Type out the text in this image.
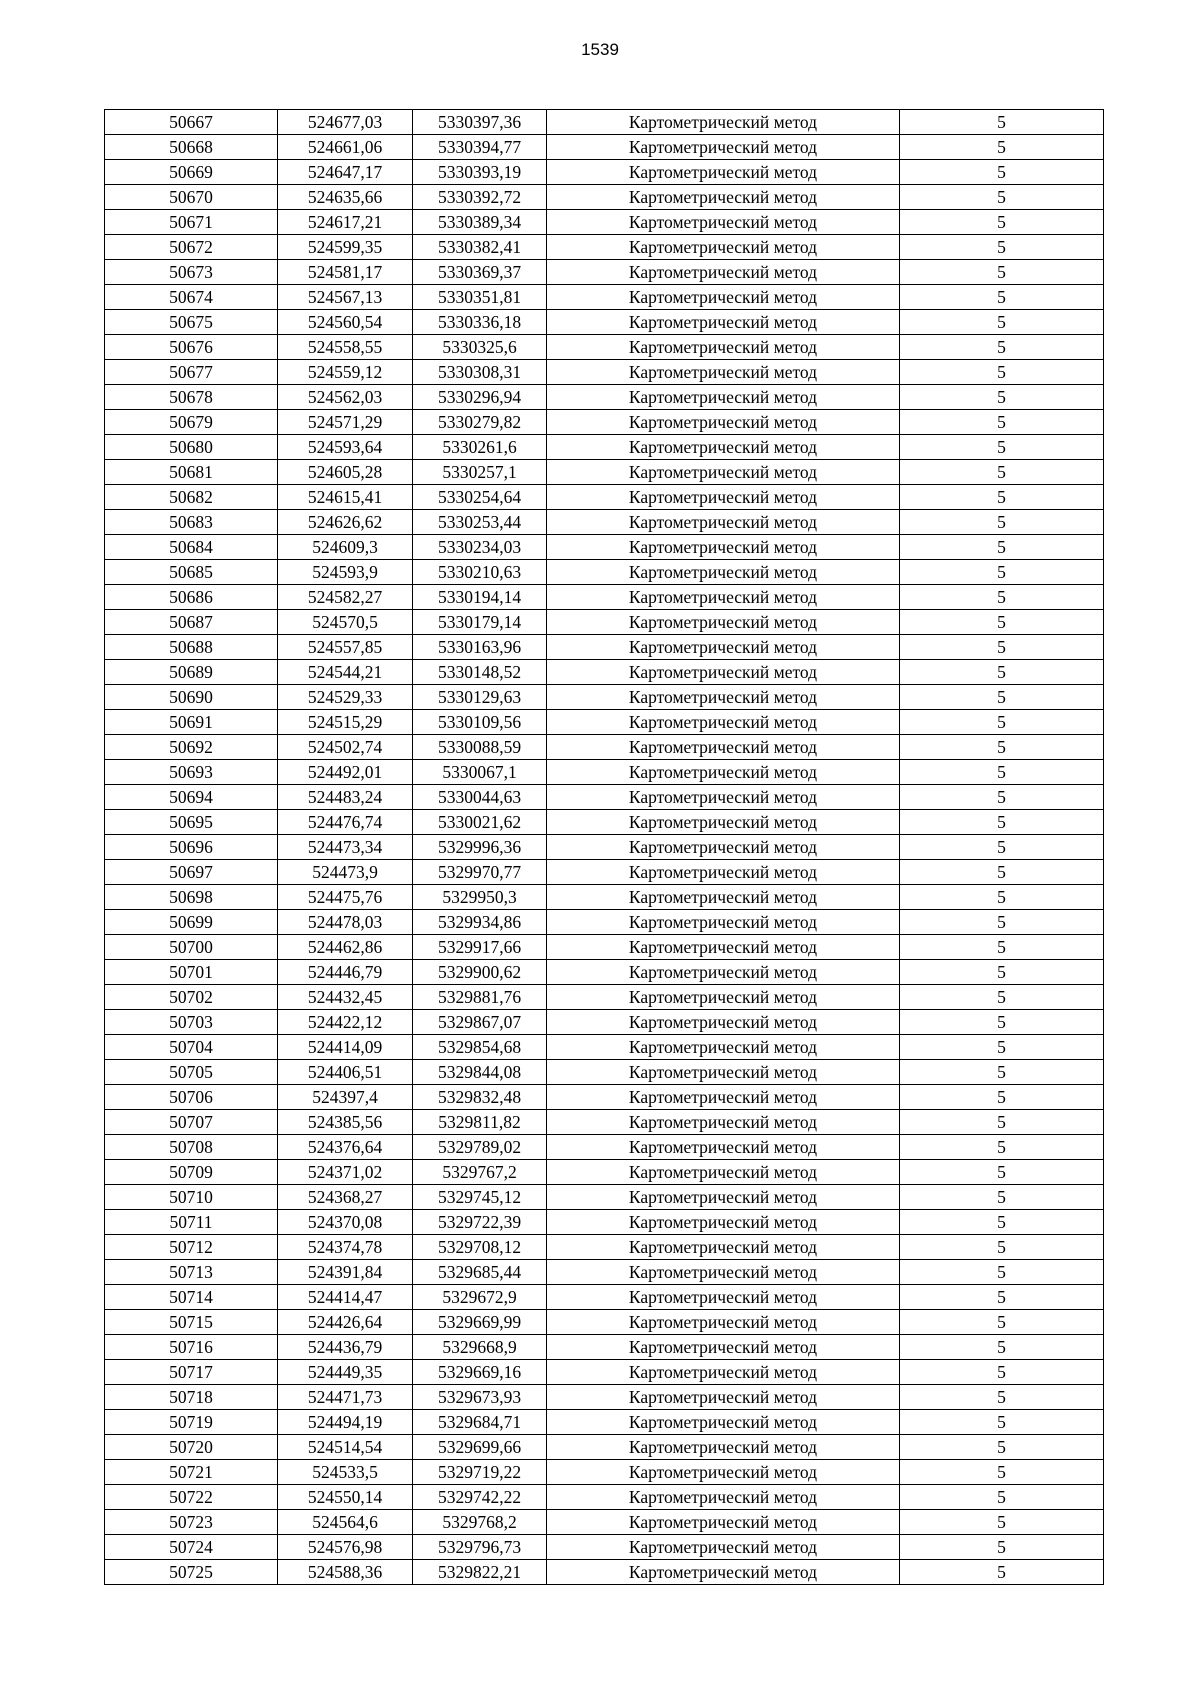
1539
50667	524677,03	5330397,36	Картометрический метод	5
50668	524661,06	5330394,77	Картометрический метод	5
50669	524647,17	5330393,19	Картометрический метод	5
50670	524635,66	5330392,72	Картометрический метод	5
50671	524617,21	5330389,34	Картометрический метод	5
50672	524599,35	5330382,41	Картометрический метод	5
50673	524581,17	5330369,37	Картометрический метод	5
50674	524567,13	5330351,81	Картометрический метод	5
50675	524560,54	5330336,18	Картометрический метод	5
50676	524558,55	5330325,6	Картометрический метод	5
50677	524559,12	5330308,31	Картометрический метод	5
50678	524562,03	5330296,94	Картометрический метод	5
50679	524571,29	5330279,82	Картометрический метод	5
50680	524593,64	5330261,6	Картометрический метод	5
50681	524605,28	5330257,1	Картометрический метод	5
50682	524615,41	5330254,64	Картометрический метод	5
50683	524626,62	5330253,44	Картометрический метод	5
50684	524609,3	5330234,03	Картометрический метод	5
50685	524593,9	5330210,63	Картометрический метод	5
50686	524582,27	5330194,14	Картометрический метод	5
50687	524570,5	5330179,14	Картометрический метод	5
50688	524557,85	5330163,96	Картометрический метод	5
50689	524544,21	5330148,52	Картометрический метод	5
50690	524529,33	5330129,63	Картометрический метод	5
50691	524515,29	5330109,56	Картометрический метод	5
50692	524502,74	5330088,59	Картометрический метод	5
50693	524492,01	5330067,1	Картометрический метод	5
50694	524483,24	5330044,63	Картометрический метод	5
50695	524476,74	5330021,62	Картометрический метод	5
50696	524473,34	5329996,36	Картометрический метод	5
50697	524473,9	5329970,77	Картометрический метод	5
50698	524475,76	5329950,3	Картометрический метод	5
50699	524478,03	5329934,86	Картометрический метод	5
50700	524462,86	5329917,66	Картометрический метод	5
50701	524446,79	5329900,62	Картометрический метод	5
50702	524432,45	5329881,76	Картометрический метод	5
50703	524422,12	5329867,07	Картометрический метод	5
50704	524414,09	5329854,68	Картометрический метод	5
50705	524406,51	5329844,08	Картометрический метод	5
50706	524397,4	5329832,48	Картометрический метод	5
50707	524385,56	5329811,82	Картометрический метод	5
50708	524376,64	5329789,02	Картометрический метод	5
50709	524371,02	5329767,2	Картометрический метод	5
50710	524368,27	5329745,12	Картометрический метод	5
50711	524370,08	5329722,39	Картометрический метод	5
50712	524374,78	5329708,12	Картометрический метод	5
50713	524391,84	5329685,44	Картометрический метод	5
50714	524414,47	5329672,9	Картометрический метод	5
50715	524426,64	5329669,99	Картометрический метод	5
50716	524436,79	5329668,9	Картометрический метод	5
50717	524449,35	5329669,16	Картометрический метод	5
50718	524471,73	5329673,93	Картометрический метод	5
50719	524494,19	5329684,71	Картометрический метод	5
50720	524514,54	5329699,66	Картометрический метод	5
50721	524533,5	5329719,22	Картометрический метод	5
50722	524550,14	5329742,22	Картометрический метод	5
50723	524564,6	5329768,2	Картометрический метод	5
50724	524576,98	5329796,73	Картометрический метод	5
50725	524588,36	5329822,21	Картометрический метод	5
